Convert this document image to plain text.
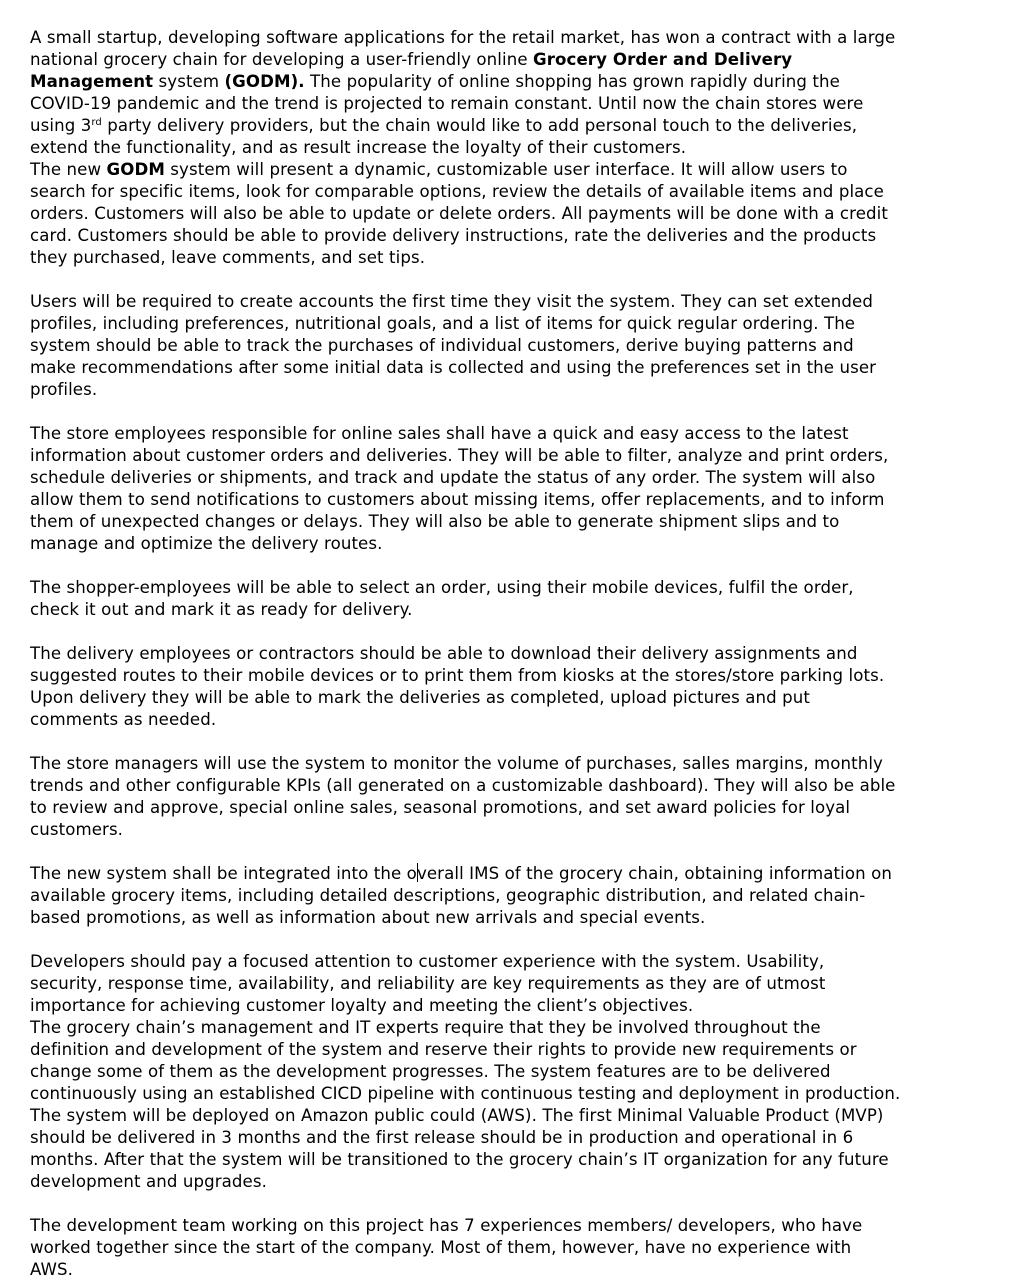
A small startup, developing software applications for the retail market, has won a contract with a large
national grocery chain for developing a user-friendly online Grocery Order and Delivery
Management system (GODM). The popularity of online shopping has grown rapidly during the
COVID-19 pandemic and the trend is projected to remain constant. Until now the chain stores were
using 3rd party delivery providers, but the chain would like to add personal touch to the deliveries,
extend the functionality, and as result increase the loyalty of their customers.
The new GODM system will present a dynamic, customizable user interface. It will allow users to
search for specific items, look for comparable options, review the details of available items and place
orders. Customers will also be able to update or delete orders. All payments will be done with a credit
card. Customers should be able to provide delivery instructions, rate the deliveries and the products
they purchased, leave comments, and set tips.
Users will be required to create accounts the first time they visit the system. They can set extended
profiles, including preferences, nutritional goals, and a list of items for quick regular ordering. The
system should be able to track the purchases of individual customers, derive buying patterns and
make recommendations after some initial data is collected and using the preferences set in the user
profiles.
The store employees responsible for online sales shall have a quick and easy access to the latest
information about customer orders and deliveries. They will be able to filter, analyze and print orders,
schedule deliveries or shipments, and track and update the status of any order. The system will also
allow them to send notifications to customers about missing items, offer replacements, and to inform
them of unexpected changes or delays. They will also be able to generate shipment slips and to
manage and optimize the delivery routes.
The shopper-employees will be able to select an order, using their mobile devices, fulfil the order,
check it out and mark it as ready for delivery.
The delivery employees or contractors should be able to download their delivery assignments and
suggested routes to their mobile devices or to print them from kiosks at the stores/store parking lots.
Upon delivery they will be able to mark the deliveries as completed, upload pictures and put
comments as needed.
The store managers will use the system to monitor the volume of purchases, salles margins, monthly
trends and other configurable KPIs (all generated on a customizable dashboard). They will also be able
to review and approve, special online sales, seasonal promotions, and set award policies for loyal
customers.
The new system shall be integrated into the overall IMS of the grocery chain, obtaining information on
available grocery items, including detailed descriptions, geographic distribution, and related chain-
based promotions, as well as information about new arrivals and special events.
Developers should pay a focused attention to customer experience with the system. Usability,
security, response time, availability, and reliability are key requirements as they are of utmost
importance for achieving customer loyalty and meeting the client’s objectives.
The grocery chain’s management and IT experts require that they be involved throughout the
definition and development of the system and reserve their rights to provide new requirements or
change some of them as the development progresses. The system features are to be delivered
continuously using an established CICD pipeline with continuous testing and deployment in production.
The system will be deployed on Amazon public could (AWS). The first Minimal Valuable Product (MVP)
should be delivered in 3 months and the first release should be in production and operational in 6
months. After that the system will be transitioned to the grocery chain’s IT organization for any future
development and upgrades.
The development team working on this project has 7 experiences members/ developers, who have
worked together since the start of the company. Most of them, however, have no experience with
AWS.
